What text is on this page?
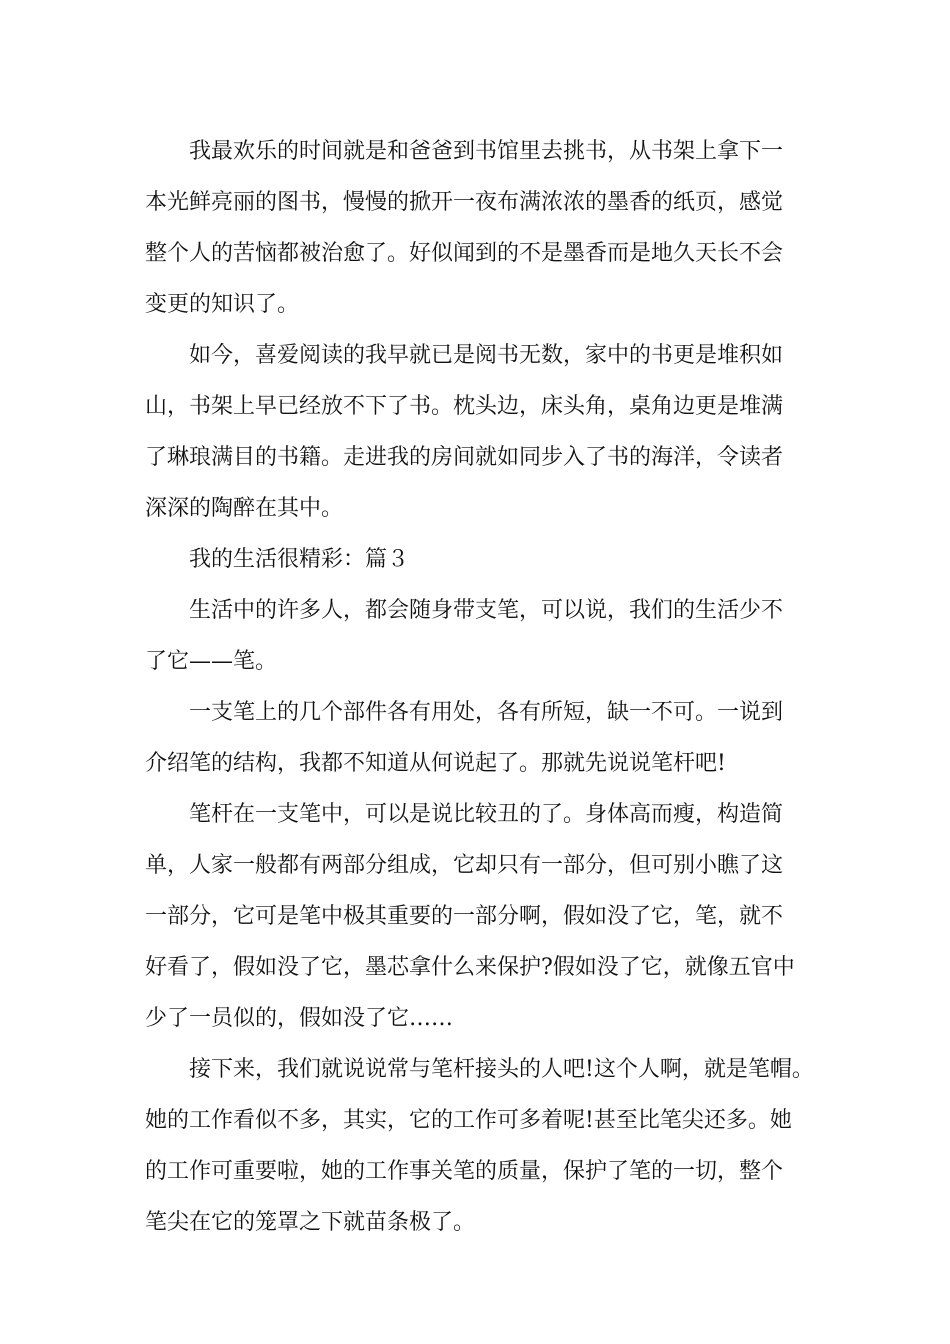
我最欢乐的时间就是和爸爸到书馆里去挑书，从书架上拿下一
本光鲜亮丽的图书，慢慢的掀开一夜布满浓浓的墨香的纸页，感觉
整个人的苦恼都被治愈了。好似闻到的不是墨香而是地久天长不会
变更的知识了。
如今，喜爱阅读的我早就已是阅书无数，家中的书更是堆积如
山，书架上早已经放不下了书。枕头边，床头角，桌角边更是堆满
了琳琅满目的书籍。走进我的房间就如同步入了书的海洋，令读者
深深的陶醉在其中。
我的生活很精彩：篇３
生活中的许多人，都会随身带支笔，可以说，我们的生活少不
了它——笔。
一支笔上的几个部件各有用处，各有所短，缺一不可。一说到
介绍笔的结构，我都不知道从何说起了。那就先说说笔杆吧!
笔杆在一支笔中，可以是说比较丑的了。身体高而瘦，构造简
单，人家一般都有两部分组成，它却只有一部分，但可别小瞧了这
一部分，它可是笔中极其重要的一部分啊，假如没了它，笔，就不
好看了，假如没了它，墨芯拿什么来保护?假如没了它，就像五官中
少了一员似的，假如没了它……
接下来，我们就说说常与笔杆接头的人吧!这个人啊，就是笔帽。
她的工作看似不多，其实，它的工作可多着呢!甚至比笔尖还多。她
的工作可重要啦，她的工作事关笔的质量，保护了笔的一切，整个
笔尖在它的笼罩之下就苗条极了。
